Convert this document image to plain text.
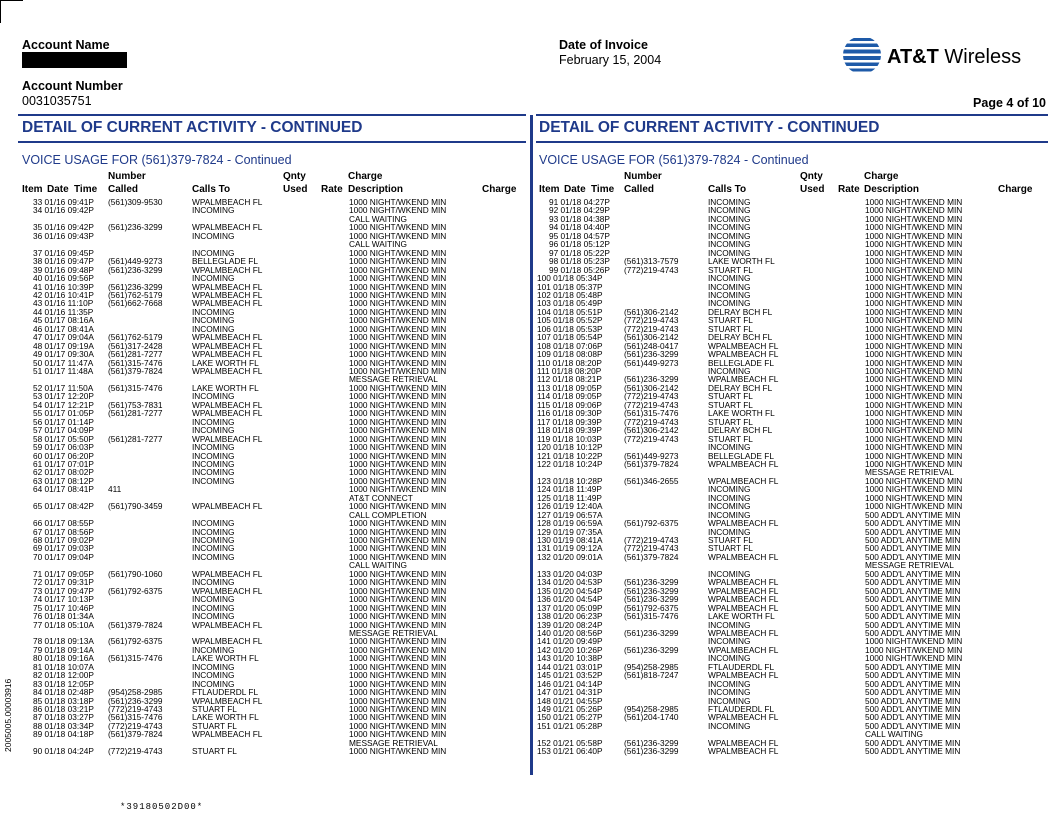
Account Name
Account Number
0031035751
Date of Invoice
February 15, 2004	AT&T Wireless
Page 4 of 10
DETAIL OF CURRENT ACTIVITY - CONTINUED	DETAIL OF CURRENT ACTIVITY - CONTINUED
VOICE USAGE FOR (561)379-7824 - Continued	VOICE USAGE FOR (561)379-7824 - Continued
Number	Qnty	Charge
Item Date Time Called	Calls To	Used Rate Description	Charge
Number	Qnty	Charge
Item Date Time Called	Calls To	Used Rate Description	Charge
33 01/16 09:41P (561)309-9530	WPALMBEACH FL	1000 NIGHT/WKEND MIN
34 01/16 09:42P	INCOMING	1000 NIGHT/WKEND MIN
CALL WAITING
35 01/16 09:42P (561)236-3299	WPALMBEACH FL	1000 NIGHT/WKEND MIN
36 01/16 09:43P	INCOMING	1000 NIGHT/WKEND MIN
CALL WAITING
37 01/16 09:45P	INCOMING	1000 NIGHT/WKEND MIN
38 01/16 09:47P (561)449-9273	BELLEGLADE FL	1000 NIGHT/WKEND MIN
39 01/16 09:48P (561)236-3299	WPALMBEACH FL	1000 NIGHT/WKEND MIN
40 01/16 09:56P	INCOMING	1000 NIGHT/WKEND MIN
41 01/16 10:39P (561)236-3299	WPALMBEACH FL	1000 NIGHT/WKEND MIN
42 01/16 10:41P (561)762-5179	WPALMBEACH FL	1000 NIGHT/WKEND MIN
43 01/16 11:10P (561)662-7668	WPALMBEACH FL	1000 NIGHT/WKEND MIN
44 01/16 11:35P	INCOMING	1000 NIGHT/WKEND MIN
45 01/17 08:16A	INCOMING	1000 NIGHT/WKEND MIN
46 01/17 08:41A	INCOMING	1000 NIGHT/WKEND MIN
47 01/17 09:04A (561)762-5179	WPALMBEACH FL	1000 NIGHT/WKEND MIN
48 01/17 09:19A (561)317-2428	WPALMBEACH FL	1000 NIGHT/WKEND MIN
49 01/17 09:30A (561)281-7277	WPALMBEACH FL	1000 NIGHT/WKEND MIN
50 01/17 11:47A (561)315-7476	LAKE WORTH FL	1000 NIGHT/WKEND MIN
51 01/17 11:48A (561)379-7824	WPALMBEACH FL	1000 NIGHT/WKEND MIN
MESSAGE RETRIEVAL
52 01/17 11:50A (561)315-7476	LAKE WORTH FL	1000 NIGHT/WKEND MIN
53 01/17 12:20P	INCOMING	1000 NIGHT/WKEND MIN
54 01/17 12:21P (561)753-7831	WPALMBEACH FL	1000 NIGHT/WKEND MIN
55 01/17 01:05P (561)281-7277	WPALMBEACH FL	1000 NIGHT/WKEND MIN
56 01/17 01:14P	INCOMING	1000 NIGHT/WKEND MIN
57 01/17 04:09P	INCOMING	1000 NIGHT/WKEND MIN
58 01/17 05:50P (561)281-7277	WPALMBEACH FL	1000 NIGHT/WKEND MIN
59 01/17 06:03P	INCOMING	1000 NIGHT/WKEND MIN
60 01/17 06:20P	INCOMING	1000 NIGHT/WKEND MIN
61 01/17 07:01P	INCOMING	1000 NIGHT/WKEND MIN
62 01/17 08:02P	INCOMING	1000 NIGHT/WKEND MIN
63 01/17 08:12P	INCOMING	1000 NIGHT/WKEND MIN
64 01/17 08:41P 411	1000 NIGHT/WKEND MIN
AT&T CONNECT
65 01/17 08:42P (561)790-3459	WPALMBEACH FL	1000 NIGHT/WKEND MIN
CALL COMPLETION
66 01/17 08:55P	INCOMING	1000 NIGHT/WKEND MIN
67 01/17 08:56P	INCOMING	1000 NIGHT/WKEND MIN
68 01/17 09:02P	INCOMING	1000 NIGHT/WKEND MIN
69 01/17 09:03P	INCOMING	1000 NIGHT/WKEND MIN
70 01/17 09:04P	INCOMING	1000 NIGHT/WKEND MIN
CALL WAITING
71 01/17 09:05P (561)790-1060	WPALMBEACH FL	1000 NIGHT/WKEND MIN
72 01/17 09:31P	INCOMING	1000 NIGHT/WKEND MIN
73 01/17 09:47P (561)792-6375	WPALMBEACH FL	1000 NIGHT/WKEND MIN
74 01/17 10:13P	INCOMING	1000 NIGHT/WKEND MIN
75 01/17 10:46P	INCOMING	1000 NIGHT/WKEND MIN
76 01/18 01:34A	INCOMING	1000 NIGHT/WKEND MIN
77 01/18 05:10A (561)379-7824	WPALMBEACH FL	1000 NIGHT/WKEND MIN
MESSAGE RETRIEVAL
78 01/18 09:13A (561)792-6375	WPALMBEACH FL	1000 NIGHT/WKEND MIN
79 01/18 09:14A	INCOMING	1000 NIGHT/WKEND MIN
80 01/18 09:16A (561)315-7476	LAKE WORTH FL	1000 NIGHT/WKEND MIN
81 01/18 10:07A	INCOMING	1000 NIGHT/WKEND MIN
82 01/18 12:00P	INCOMING	1000 NIGHT/WKEND MIN
83 01/18 12:05P	INCOMING	1000 NIGHT/WKEND MIN
84 01/18 02:48P (954)258-2985	FTLAUDERDL FL	1000 NIGHT/WKEND MIN
85 01/18 03:18P (561)236-3299	WPALMBEACH FL	1000 NIGHT/WKEND MIN
86 01/18 03:21P (772)219-4743	STUART FL	1000 NIGHT/WKEND MIN
87 01/18 03:27P (561)315-7476	LAKE WORTH FL	1000 NIGHT/WKEND MIN
88 01/18 03:34P (772)219-4743	STUART FL	1000 NIGHT/WKEND MIN
89 01/18 04:18P (561)379-7824	WPALMBEACH FL	1000 NIGHT/WKEND MIN
MESSAGE RETRIEVAL
90 01/18 04:24P (772)219-4743	STUART FL	1000 NIGHT/WKEND MIN
91 01/18 04:27P	INCOMING	1000 NIGHT/WKEND MIN
92 01/18 04:29P	INCOMING	1000 NIGHT/WKEND MIN
93 01/18 04:38P	INCOMING	1000 NIGHT/WKEND MIN
94 01/18 04:40P	INCOMING	1000 NIGHT/WKEND MIN
95 01/18 04:57P	INCOMING	1000 NIGHT/WKEND MIN
96 01/18 05:12P	INCOMING	1000 NIGHT/WKEND MIN
97 01/18 05:22P	INCOMING	1000 NIGHT/WKEND MIN
98 01/18 05:23P (561)313-7579	LAKE WORTH FL	1000 NIGHT/WKEND MIN
99 01/18 05:26P (772)219-4743	STUART FL	1000 NIGHT/WKEND MIN
100 01/18 05:34P	INCOMING	1000 NIGHT/WKEND MIN
101 01/18 05:37P	INCOMING	1000 NIGHT/WKEND MIN
102 01/18 05:48P	INCOMING	1000 NIGHT/WKEND MIN
103 01/18 05:49P	INCOMING	1000 NIGHT/WKEND MIN
104 01/18 05:51P	(561)306-2142	DELRAY BCH FL	1000 NIGHT/WKEND MIN
105 01/18 05:52P	(772)219-4743	STUART FL	1000 NIGHT/WKEND MIN
106 01/18 05:53P	(772)219-4743	STUART FL	1000 NIGHT/WKEND MIN
107 01/18 05:54P	(561)306-2142	DELRAY BCH FL	1000 NIGHT/WKEND MIN
108 01/18 07:06P	(561)248-0417	WPALMBEACH FL	1000 NIGHT/WKEND MIN
109 01/18 08:08P	(561)236-3299	WPALMBEACH FL	1000 NIGHT/WKEND MIN
110 01/18 08:20P	(561)449-9273	BELLEGLADE FL	1000 NIGHT/WKEND MIN
111 01/18 08:20P	INCOMING	1000 NIGHT/WKEND MIN
112 01/18 08:21P	(561)236-3299	WPALMBEACH FL	1000 NIGHT/WKEND MIN
113 01/18 09:05P	(561)306-2142	DELRAY BCH FL	1000 NIGHT/WKEND MIN
114 01/18 09:05P	(772)219-4743	STUART FL	1000 NIGHT/WKEND MIN
115 01/18 09:06P	(772)219-4743	STUART FL	1000 NIGHT/WKEND MIN
116 01/18 09:30P	(561)315-7476	LAKE WORTH FL	1000 NIGHT/WKEND MIN
117 01/18 09:39P	(772)219-4743	STUART FL	1000 NIGHT/WKEND MIN
118 01/18 09:39P	(561)306-2142	DELRAY BCH FL	1000 NIGHT/WKEND MIN
119 01/18 10:03P	(772)219-4743	STUART FL	1000 NIGHT/WKEND MIN
120 01/18 10:12P	INCOMING	1000 NIGHT/WKEND MIN
121 01/18 10:22P	(561)449-9273	BELLEGLADE FL	1000 NIGHT/WKEND MIN
122 01/18 10:24P	(561)379-7824	WPALMBEACH FL	1000 NIGHT/WKEND MIN
MESSAGE RETRIEVAL
123 01/18 10:28P	(561)346-2655	WPALMBEACH FL	1000 NIGHT/WKEND MIN
124 01/18 11:49P	INCOMING	1000 NIGHT/WKEND MIN
125 01/18 11:49P	INCOMING	1000 NIGHT/WKEND MIN
126 01/19 12:40A	INCOMING	1000 NIGHT/WKEND MIN
127 01/19 06:57A	INCOMING	500 ADD'L ANYTIME MIN
128 01/19 06:59A	(561)792-6375	WPALMBEACH FL	500 ADD'L ANYTIME MIN
129 01/19 07:35A	INCOMING	500 ADD'L ANYTIME MIN
130 01/19 08:41A	(772)219-4743	STUART FL	500 ADD'L ANYTIME MIN
131 01/19 09:12A	(772)219-4743	STUART FL	500 ADD'L ANYTIME MIN
132 01/20 09:01A	(561)379-7824	WPALMBEACH FL	500 ADD'L ANYTIME MIN
MESSAGE RETRIEVAL
133 01/20 04:03P	INCOMING	500 ADD'L ANYTIME MIN
134 01/20 04:53P	(561)236-3299	WPALMBEACH FL	500 ADD'L ANYTIME MIN
135 01/20 04:54P	(561)236-3299	WPALMBEACH FL	500 ADD'L ANYTIME MIN
136 01/20 04:54P	(561)236-3299	WPALMBEACH FL	500 ADD'L ANYTIME MIN
137 01/20 05:09P	(561)792-6375	WPALMBEACH FL	500 ADD'L ANYTIME MIN
138 01/20 06:23P	(561)315-7476	LAKE WORTH FL	500 ADD'L ANYTIME MIN
139 01/20 08:24P	INCOMING	500 ADD'L ANYTIME MIN
140 01/20 08:56P	(561)236-3299	WPALMBEACH FL	500 ADD'L ANYTIME MIN
141 01/20 09:49P	INCOMING	1000 NIGHT/WKEND MIN
142 01/20 10:26P	(561)236-3299	WPALMBEACH FL	1000 NIGHT/WKEND MIN
143 01/20 10:38P	INCOMING	1000 NIGHT/WKEND MIN
144 01/21 03:01P	(954)258-2985	FTLAUDERDL FL	500 ADD'L ANYTIME MIN
145 01/21 03:52P	(561)818-7247	WPALMBEACH FL	500 ADD'L ANYTIME MIN
146 01/21 04:14P	INCOMING	500 ADD'L ANYTIME MIN
147 01/21 04:31P	INCOMING	500 ADD'L ANYTIME MIN
148 01/21 04:55P	INCOMING	500 ADD'L ANYTIME MIN
149 01/21 05:26P	(954)258-2985	FTLAUDERDL FL	500 ADD'L ANYTIME MIN
150 01/21 05:27P	(561)204-1740	WPALMBEACH FL	500 ADD'L ANYTIME MIN
151 01/21 05:28P	INCOMING	500 ADD'L ANYTIME MIN
CALL WAITING
152 01/21 05:58P	(561)236-3299	WPALMBEACH FL	500 ADD'L ANYTIME MIN
153 01/21 06:40P	(561)236-3299	WPALMBEACH FL	500 ADD'L ANYTIME MIN
2005005.00003916
*39180502D00*
